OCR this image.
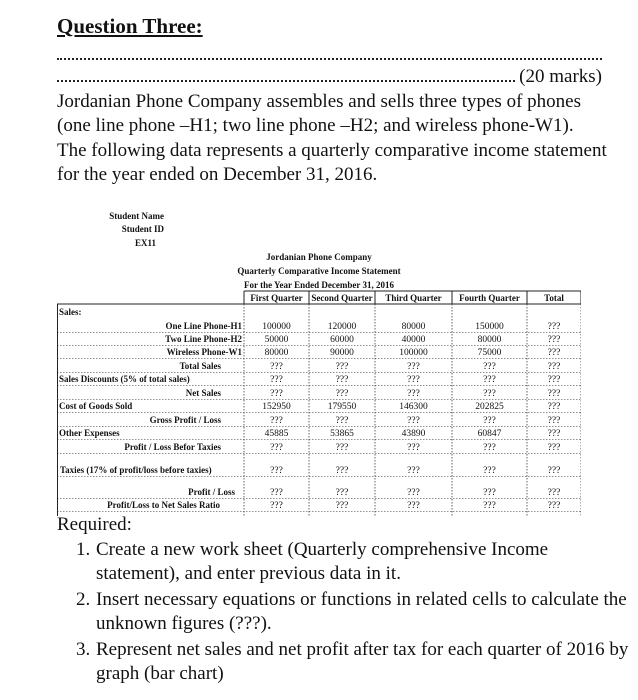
Question Three:
(20 marks)
Jordanian Phone Company assembles and sells three types of phones (one line phone –H1; two line phone –H2; and wireless phone-W1). The following data represents a quarterly comparative income statement for the year ended on December 31, 2016.
Student Name
Student ID
EX11
Jordanian Phone Company
Quarterly Comparative Income Statement
For the Year Ended December 31, 2016
First Quarter Second Quarter Third Quarter Fourth Quarter	Total
Sales:
One Line Phone-H1 100000	120000	80000	150000	???
Two Line Phone-H2 50000	60000	40000	80000	???
Wireless Phone-W1 80000	90000	100000	75000	???
Total Sales	???	???	???	???	???
Sales Discounts (5% of total sales)	???	???	???	???	???
Net Sales	???	???	???	???	???
Cost of Goods Sold	152950	179550	146300	202825	???
Gross Profit / Loss	???	???	???	???	???
Other Expenses	45885	53865	43890	60847	???
Profit / Loss Befor Taxies	???	???	???	???	???
Taxies (17% of profit/loss before taxies)	???	???	???	???	???
Profit / Loss	???	???	???	???	???
Profit/Loss to Net Sales Ratio	???	???	???	???	???
Required:
1. Create a new work sheet (Quarterly comprehensive Income statement), and enter previous data in it.
2. Insert necessary equations or functions in related cells to calculate the unknown figures (???).
3. Represent net sales and net profit after tax for each quarter of 2016 by graph (bar chart)
